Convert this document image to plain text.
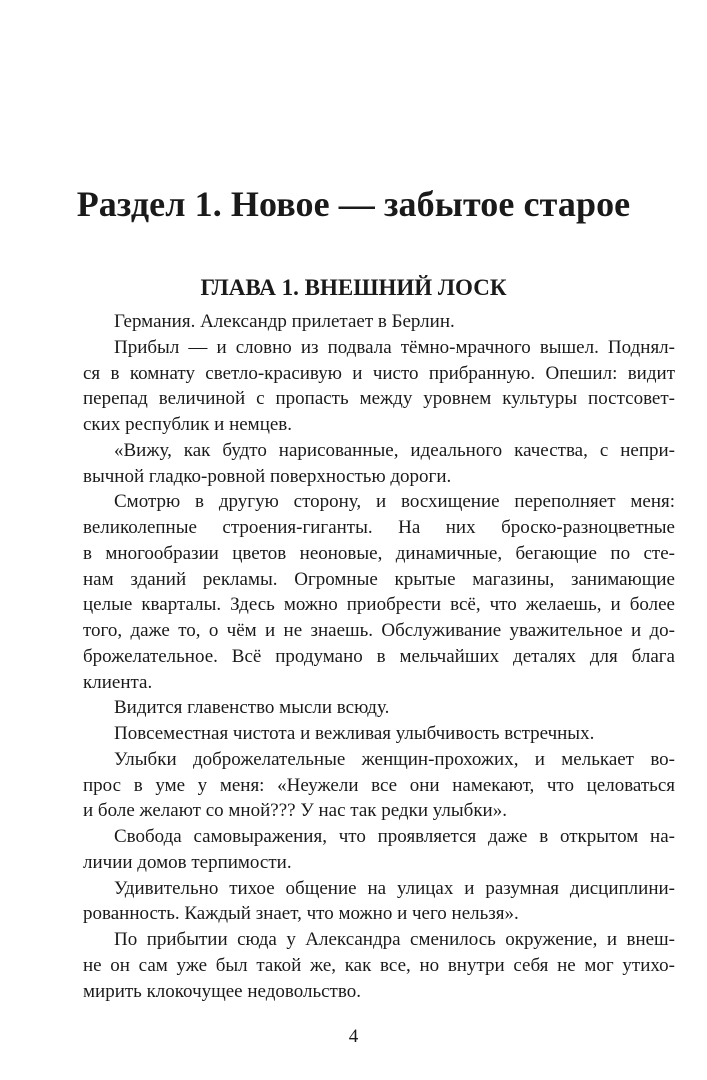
Раздел 1. Новое — забытое старое
ГЛАВА 1. ВНЕШНИЙ ЛОСК
Германия. Александр прилетает в Берлин.
Прибыл — и словно из подвала тёмно-мрачного вышел. Поднял-
ся в комнату светло-красивую и чисто прибранную. Опешил: видит
перепад величиной с пропасть между уровнем культуры постсовет-
ских республик и немцев.
«Вижу, как будто нарисованные, идеального качества, с непри-
вычной гладко-ровной поверхностью дороги.
Смотрю в другую сторону, и восхищение переполняет меня:
великолепные строения-гиганты. На них броско-разноцветные
в многообразии цветов неоновые, динамичные, бегающие по сте-
нам зданий рекламы. Огромные крытые магазины, занимающие
целые кварталы. Здесь можно приобрести всё, что желаешь, и более
того, даже то, о чём и не знаешь. Обслуживание уважительное и до-
брожелательное. Всё продумано в мельчайших деталях для блага
клиента.
Видится главенство мысли всюду.
Повсеместная чистота и вежливая улыбчивость встречных.
Улыбки доброжелательные женщин-прохожих, и мелькает во-
прос в уме у меня: «Неужели все они намекают, что целоваться
и боле желают со мной??? У нас так редки улыбки».
Свобода самовыражения, что проявляется даже в открытом на-
личии домов терпимости.
Удивительно тихое общение на улицах и разумная дисциплини-
рованность. Каждый знает, что можно и чего нельзя».
По прибытии сюда у Александра сменилось окружение, и внеш-
не он сам уже был такой же, как все, но внутри себя не мог утихо-
мирить клокочущее недовольство.
4
